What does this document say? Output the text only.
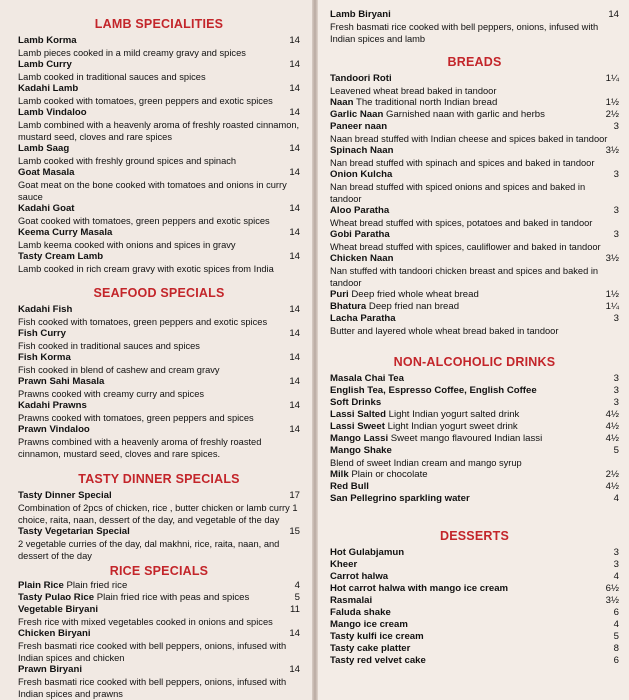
LAMB SPECIALITIES
Lamb Korma	14
Lamb pieces cooked in a mild creamy gravy and spices
Lamb Curry	14
Lamb cooked in traditional sauces and spices
Kadahi Lamb	14
Lamb cooked with tomatoes, green peppers and exotic spices
Lamb Vindaloo	14
Lamb combined with a heavenly aroma of freshly roasted cinnamon, mustard seed, cloves and rare spices
Lamb Saag	14
Lamb cooked with freshly ground spices and spinach
Goat Masala	14
Goat meat on the bone cooked with tomatoes and onions in curry sauce
Kadahi Goat	14
Goat cooked with tomatoes, green peppers and exotic spices
Keema Curry Masala	14
Lamb keema cooked with onions and spices in gravy
Tasty Cream Lamb	14
Lamb cooked in rich cream gravy with exotic spices from India
SEAFOOD SPECIALS
Kadahi Fish	14
Fish cooked with tomatoes, green peppers and exotic spices
Fish Curry	14
Fish cooked in traditional sauces and spices
Fish Korma	14
Fish cooked in blend of cashew and cream gravy
Prawn Sahi Masala	14
Prawns cooked with creamy curry and spices
Kadahi Prawns	14
Prawns cooked with tomatoes, green peppers and spices
Prawn Vindaloo	14
Prawns combined with a heavenly aroma of freshly roasted cinnamon, mustard seed, cloves and rare spices.
TASTY DINNER SPECIALS
Tasty Dinner Special	17
Combination of 2pcs of chicken, rice , butter chicken or lamb curry 1 choice, raita, naan, dessert of the day, and vegetable of the day
Tasty Vegetarian Special	15
2 vegetable curries of the day, dal makhni, rice, raita, naan, and dessert of the day
RICE SPECIALS
Plain Rice Plain fried rice	4
Tasty Pulao Rice Plain fried rice with peas and spices	5
Vegetable Biryani	11
Fresh rice with mixed vegetables cooked in onions and spices
Chicken Biryani	14
Fresh basmati rice cooked with bell peppers, onions, infused with Indian spices and chicken
Prawn Biryani	14
Fresh basmati rice cooked with bell peppers, onions, infused with Indian spices and prawns
Lamb Biryani	14
Fresh basmati rice cooked with bell peppers, onions, infused with Indian spices and lamb
BREADS
Tandoori Roti	1¼
Leavened wheat bread baked in tandoor
Naan The traditional north Indian bread	1½
Garlic Naan Garnished naan with garlic and herbs	2½
Paneer naan	3
Naan bread stuffed with Indian cheese and spices baked in tandoor
Spinach Naan	3½
Nan bread stuffed with spinach and spices and baked in tandoor
Onion Kulcha	3
Nan bread stuffed with spiced onions and spices and baked in tandoor
Aloo Paratha	3
Wheat bread stuffed with spices, potatoes and baked in tandoor
Gobi Paratha	3
Wheat bread stuffed with spices, cauliflower and baked in tandoor
Chicken Naan	3½
Nan stuffed with tandoori chicken breast and spices and baked in tandoor
Puri Deep fried whole wheat bread	1½
Bhatura Deep fried nan bread	1¼
Lacha Paratha	3
Butter and layered whole wheat bread baked in tandoor
NON-ALCOHOLIC DRINKS
Masala Chai Tea	3
English Tea, Espresso Coffee, English Coffee	3
Soft Drinks	3
Lassi Salted Light Indian yogurt salted drink	4½
Lassi Sweet Light Indian yogurt sweet drink	4½
Mango Lassi Sweet mango flavoured Indian lassi	4½
Mango Shake	5
Blend of sweet Indian cream and mango syrup
Milk Plain or chocolate	2½
Red Bull	4½
San Pellegrino sparkling water	4
DESSERTS
Hot Gulabjamun	3
Kheer	3
Carrot halwa	4
Hot carrot halwa with mango ice cream	6½
Rasmalai	3½
Faluda shake	6
Mango ice cream	4
Tasty kulfi ice cream	5
Tasty cake platter	8
Tasty red velvet cake	6
